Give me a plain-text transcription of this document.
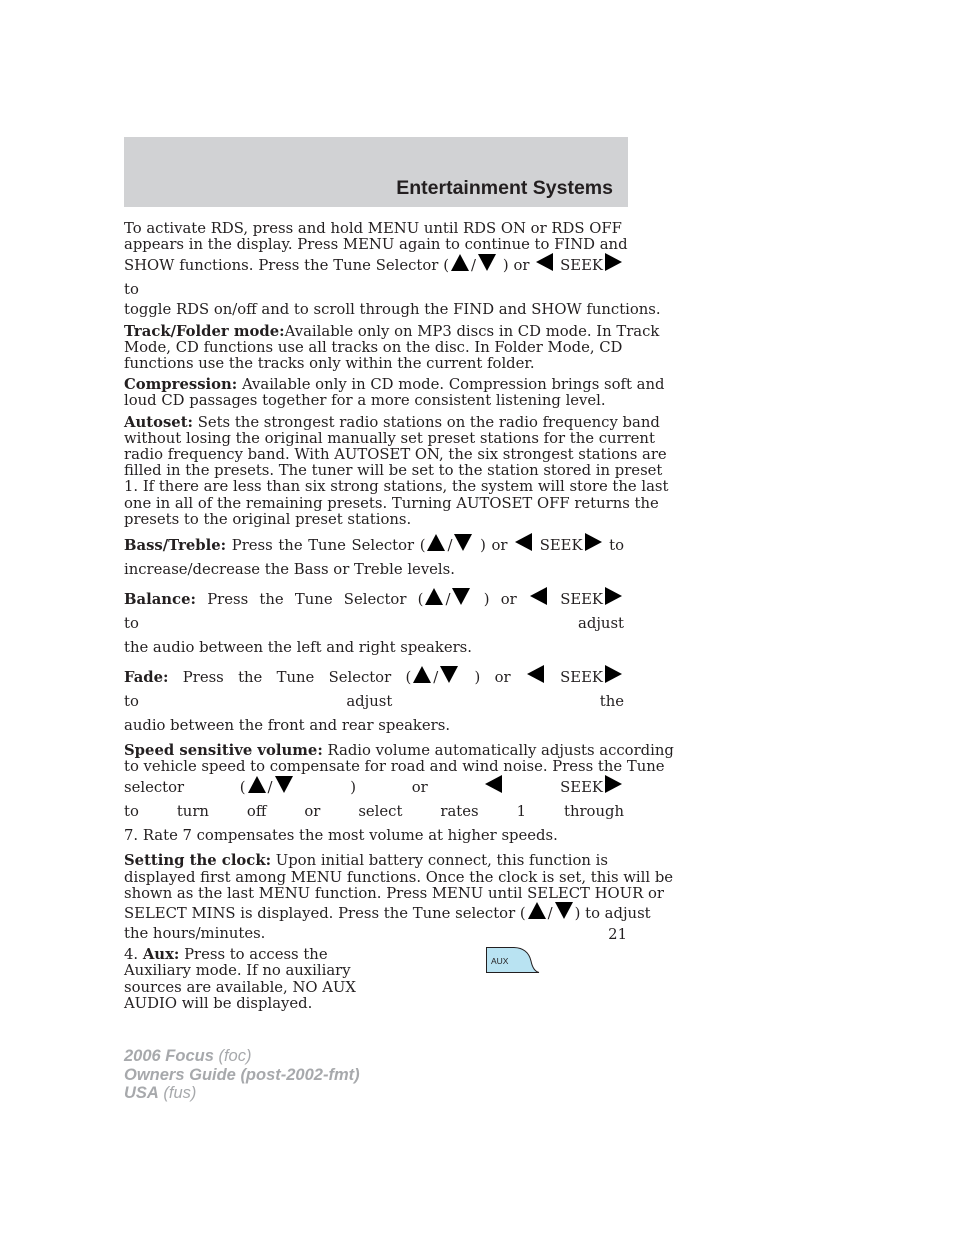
Entertainment Systems
To activate RDS, press and hold MENU until RDS ON or RDS OFF
appears in the display. Press MENU again to continue to FIND and
SHOW functions. Press the Tune Selector ( / ) or SEEK to
toggle RDS on/off and to scroll through the FIND and SHOW functions.
Track/Folder mode:Available only on MP3 discs in CD mode. In Track
Mode, CD functions use all tracks on the disc. In Folder Mode, CD
functions use the tracks only within the current folder.
Compression: Available only in CD mode. Compression brings soft and
loud CD passages together for a more consistent listening level.
Autoset: Sets the strongest radio stations on the radio frequency band
without losing the original manually set preset stations for the current
radio frequency band. With AUTOSET ON, the six strongest stations are
filled in the presets. The tuner will be set to the station stored in preset
1. If there are less than six strong stations, the system will store the last
one in all of the remaining presets. Turning AUTOSET OFF returns the
presets to the original preset stations.
Bass/Treble: Press the Tune Selector ( / ) or SEEK to
increase/decrease the Bass or Treble levels.
Balance: Press the Tune Selector ( / ) or	SEEK to adjust
the audio between the left and right speakers.
Fade: Press the Tune Selector ( / ) or	SEEK to adjust the
audio between the front and rear speakers.
Speed sensitive volume: Radio volume automatically adjusts according
to vehicle speed to compensate for road and wind noise. Press the Tune
selector ( /	) or	SEEK to turn off or select rates 1 through
7. Rate 7 compensates the most volume at higher speeds.
Setting the clock: Upon initial battery connect, this function is
displayed first among MENU functions. Once the clock is set, this will be
shown as the last MENU function. Press MENU until SELECT HOUR or
SELECT MINS is displayed. Press the Tune selector ( / ) to adjust
the hours/minutes.
4. Aux: Press to access the
Auxiliary mode. If no auxiliary
sources are available, NO AUX
AUDIO will be displayed.
AUX
21
2006 Focus (foc)
Owners Guide (post-2002-fmt)
USA (fus)
